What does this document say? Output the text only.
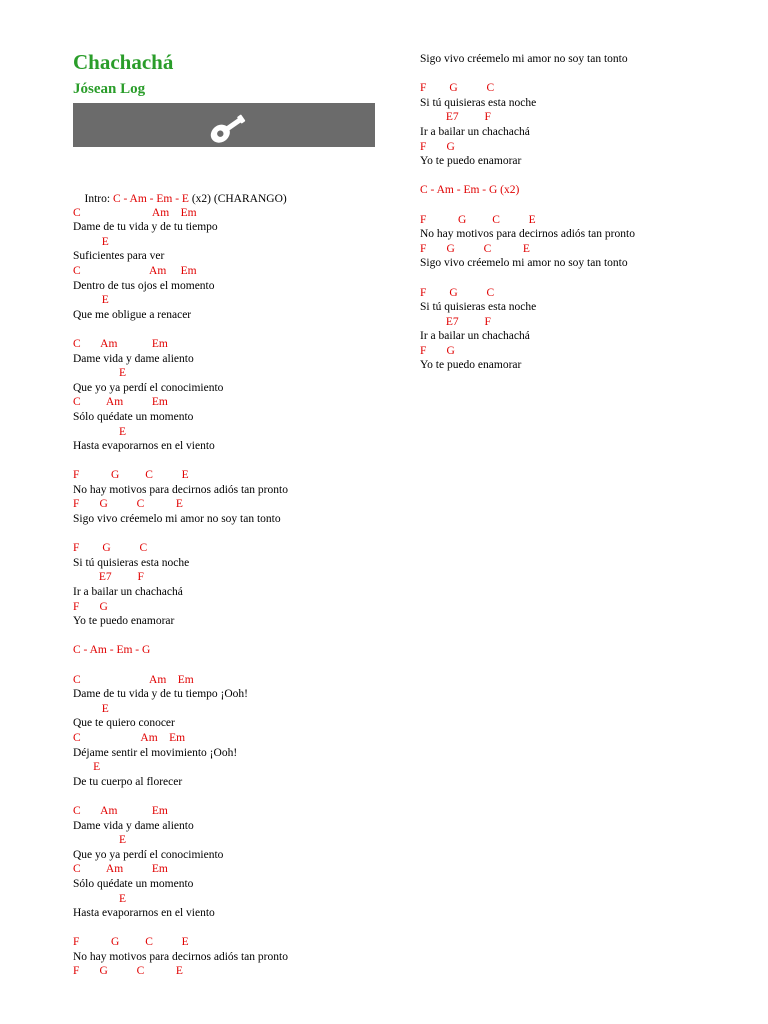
Chachachá
Jósean Log

Intro: C - Am - Em - E (x2) (CHARANGO)

C                         Am    Em
Dame de tu vida y de tu tiempo
E
Suficientes para ver
C                        Am     Em
Dentro de tus ojos el momento
E
Que me obligue a renacer
C       Am            Em
Dame vida y dame aliento
E
Que yo ya perdí el conocimiento
C         Am          Em
Sólo quédate un momento
E
Hasta evaporarnos en el viento
F           G         C          E
No hay motivos para decirnos adiós tan pronto
F       G          C           E
Sigo vivo créemelo mi amor no soy tan tonto
F        G          C
Si tú quisieras esta noche
E7         F
Ir a bailar un chachachá
F       G
Yo te puedo enamorar
C - Am - Em - G
C                        Am    Em
Dame de tu vida y de tu tiempo ¡Ooh!
E
Que te quiero conocer
C                     Am    Em
Déjame sentir el movimiento ¡Ooh!
E
De tu cuerpo al florecer
C       Am            Em
Dame vida y dame aliento
E
Que yo ya perdí el conocimiento
C         Am          Em
Sólo quédate un momento
E
Hasta evaporarnos en el viento
F           G         C          E
No hay motivos para decirnos adiós tan pronto
F       G          C           E
Sigo vivo créemelo mi amor no soy tan tonto
F        G          C
Si tú quisieras esta noche
E7         F
Ir a bailar un chachachá
F       G
Yo te puedo enamorar
C - Am - Em - G (x2)
F           G         C          E
No hay motivos para decirnos adiós tan pronto
F       G          C           E
Sigo vivo créemelo mi amor no soy tan tonto
F        G          C
Si tú quisieras esta noche
E7         F
Ir a bailar un chachachá
F       G
Yo te puedo enamorar
